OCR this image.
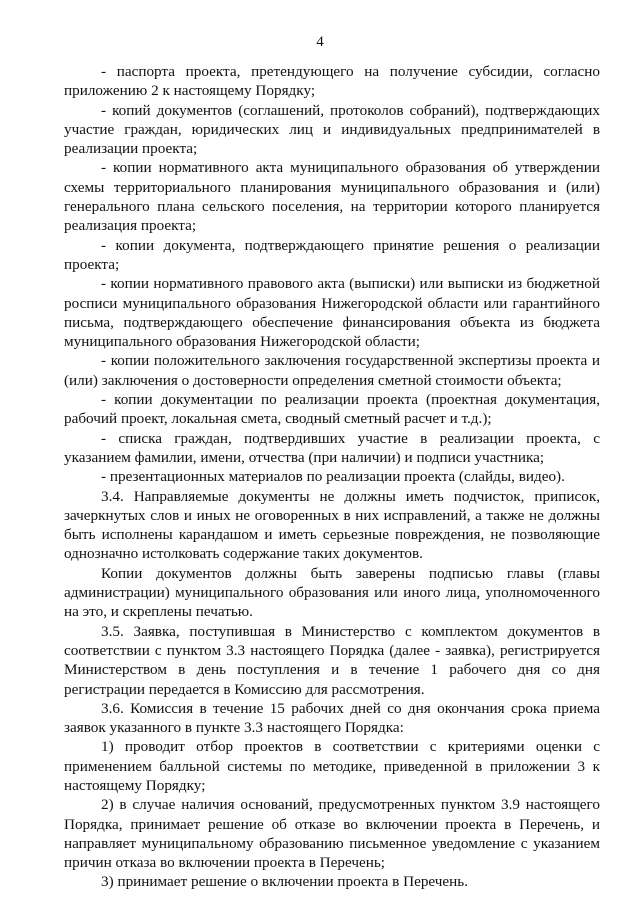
4

- паспорта проекта, претендующего на получение субсидии, согласно приложению 2 к настоящему Порядку;

- копий документов (соглашений, протоколов собраний), подтверждающих участие граждан, юридических лиц и индивидуальных предпринимателей в реализации проекта;

- копии нормативного акта муниципального образования об утверждении схемы территориального планирования муниципального образования и (или) генерального плана сельского поселения, на территории которого планируется реализация проекта;

- копии документа, подтверждающего принятие решения о реализации проекта;

- копии нормативного правового акта (выписки) или выписки из бюджетной росписи муниципального образования Нижегородской области или гарантийного письма, подтверждающего обеспечение финансирования объекта из бюджета муниципального образования Нижегородской области;

- копии положительного заключения государственной экспертизы проекта и (или) заключения о достоверности определения сметной стоимости объекта;

- копии документации по реализации проекта (проектная документация, рабочий проект, локальная смета, сводный сметный расчет и т.д.);

- списка граждан, подтвердивших участие в реализации проекта, с указанием фамилии, имени, отчества (при наличии) и подписи участника;

- презентационных материалов по реализации проекта (слайды, видео).

3.4. Направляемые документы не должны иметь подчисток, приписок, зачеркнутых слов и иных не оговоренных в них исправлений, а также не должны быть исполнены карандашом и иметь серьезные повреждения, не позволяющие однозначно истолковать содержание таких документов.

Копии документов должны быть заверены подписью главы (главы администрации) муниципального образования или иного лица, уполномоченного на это, и скреплены печатью.

3.5. Заявка, поступившая в Министерство с комплектом документов в соответствии с пунктом 3.3 настоящего Порядка (далее - заявка), регистрируется Министерством в день поступления и в течение 1 рабочего дня со дня регистрации передается в Комиссию для рассмотрения.

3.6. Комиссия в течение 15 рабочих дней со дня окончания срока приема заявок указанного в пункте 3.3 настоящего Порядка:

1) проводит отбор проектов в соответствии с критериями оценки с применением балльной системы по методике, приведенной в приложении 3 к настоящему Порядку;

2) в случае наличия оснований, предусмотренных пунктом 3.9 настоящего Порядка, принимает решение об отказе во включении проекта в Перечень, и направляет муниципальному образованию письменное уведомление с указанием причин отказа во включении проекта в Перечень;

3) принимает решение о включении проекта в Перечень.
